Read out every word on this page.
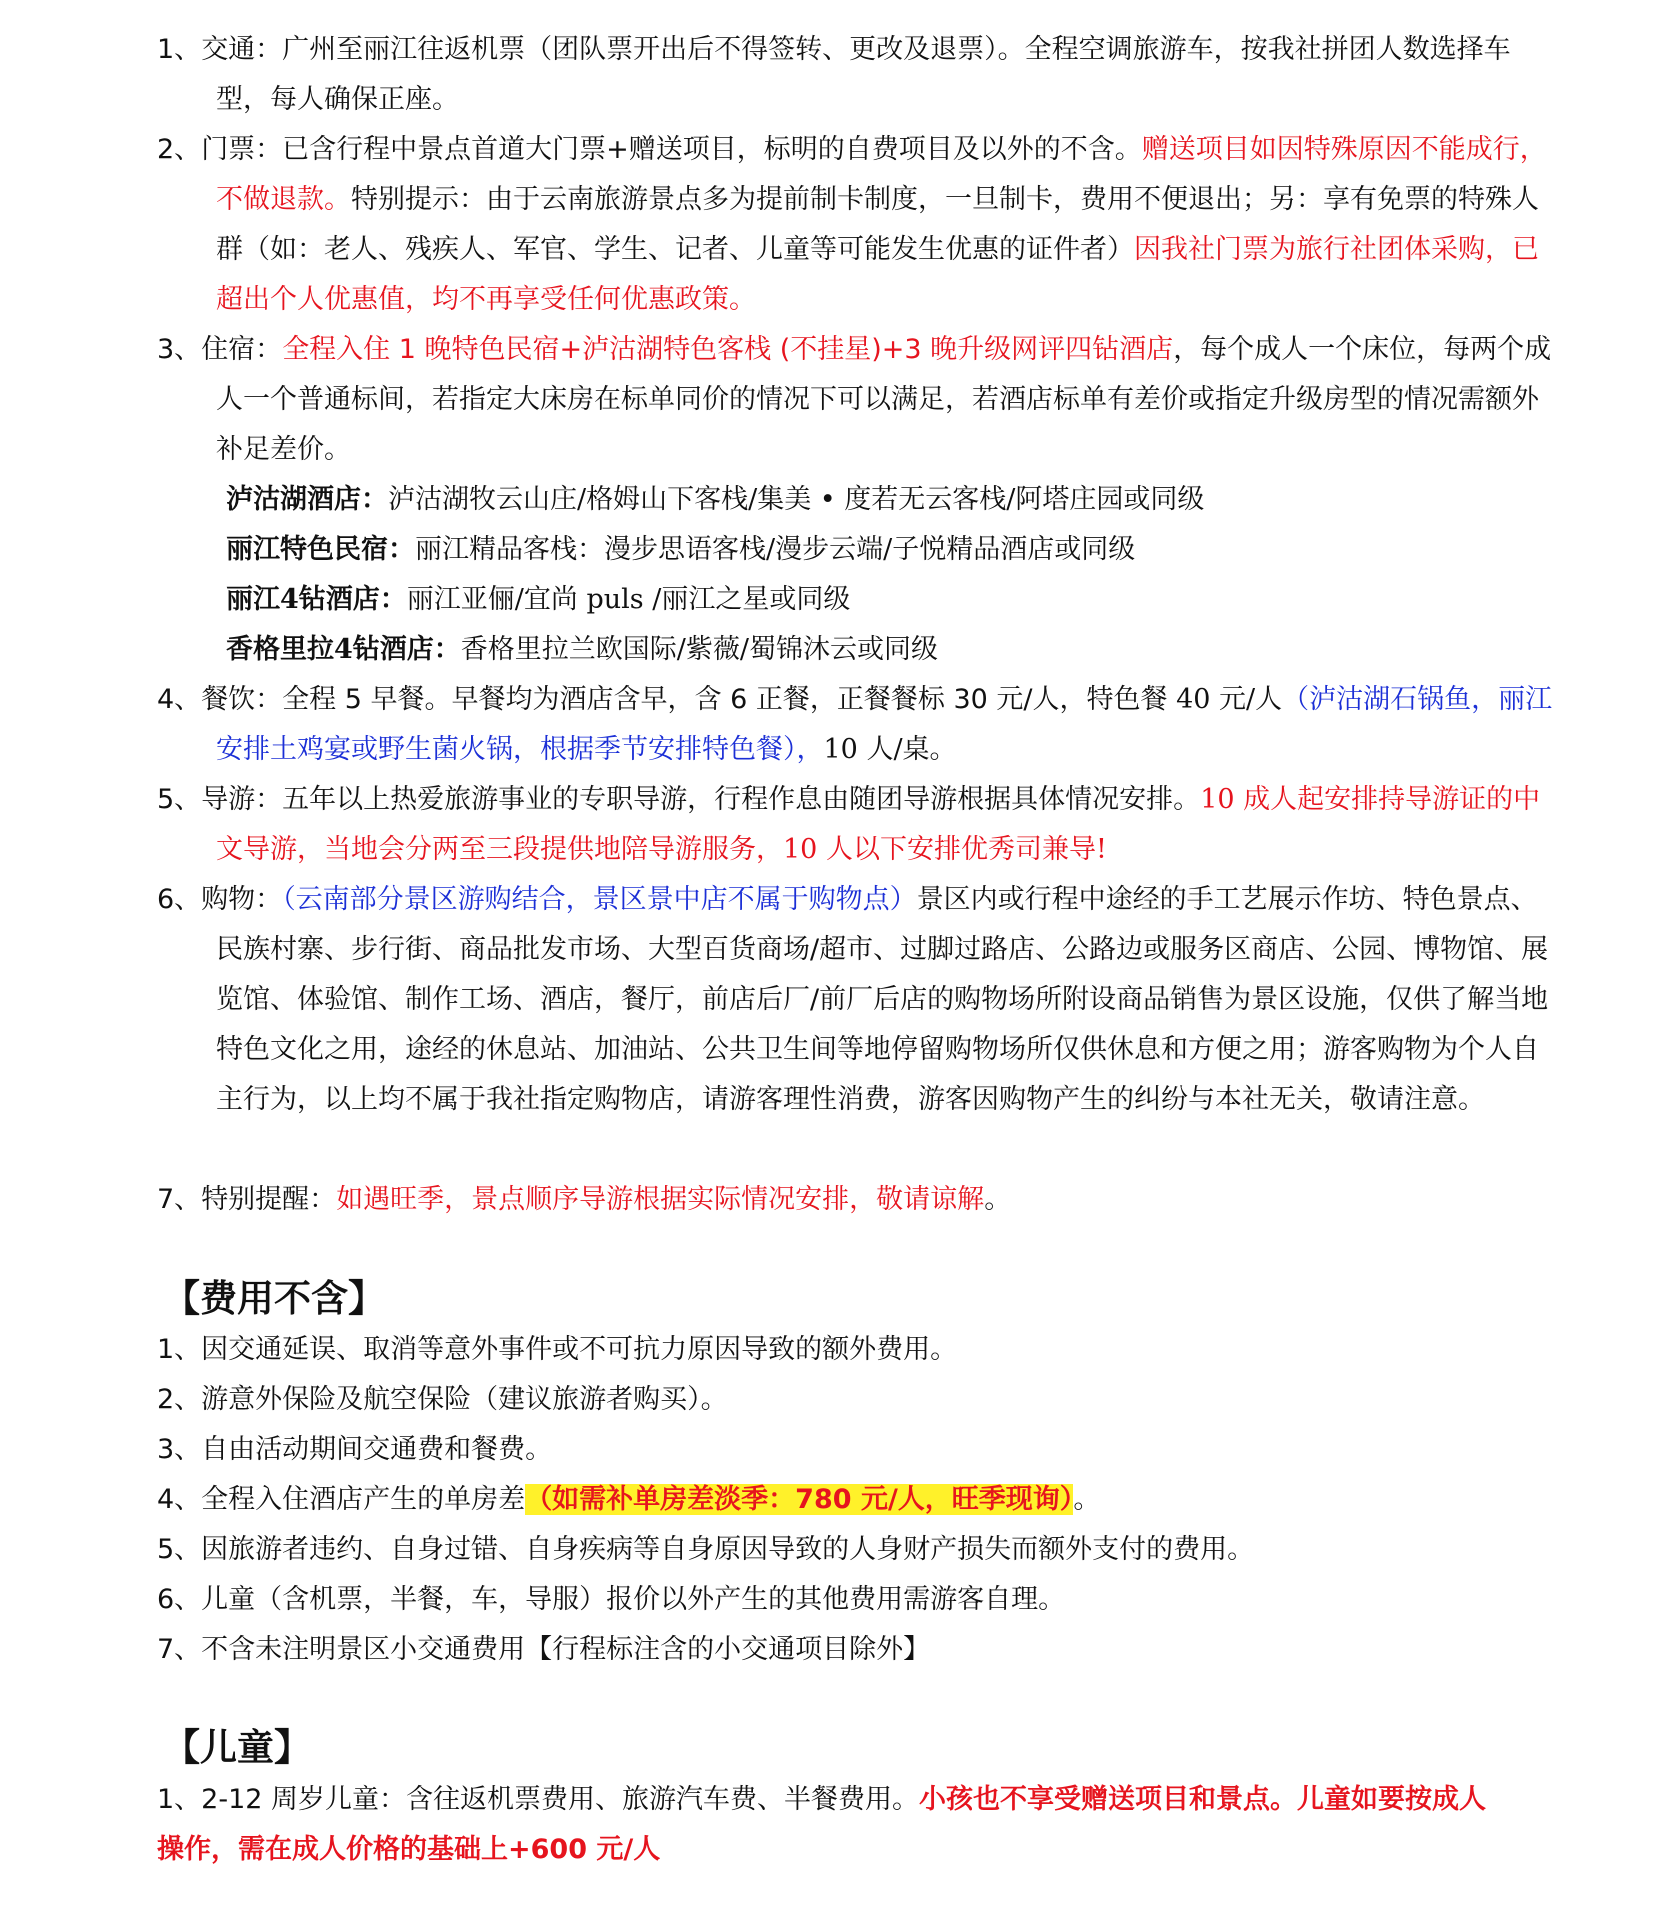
1、交通：广州至丽江往返机票（团队票开出后不得签转、更改及退票）。全程空调旅游车，按我社拼团人数选择车型，每人确保正座。

2、门票：已含行程中景点首道大门票+赠送项目，标明的自费项目及以外的不含。赠送项目如因特殊原因不能成行，不做退款。特别提示：由于云南旅游景点多为提前制卡制度，一旦制卡，费用不便退出；另：享有免票的特殊人群（如：老人、残疾人、军官、学生、记者、儿童等可能发生优惠的证件者）因我社门票为旅行社团体采购，已超出个人优惠值，均不再享受任何优惠政策。

3、住宿：全程入住 1 晚特色民宿+泸沽湖特色客栈 (不挂星)+3 晚升级网评四钻酒店，每个成人一个床位，每两个成人一个普通标间，若指定大床房在标单同价的情况下可以满足，若酒店标单有差价或指定升级房型的情况需额外补足差价。

泸沽湖酒店：泸沽湖牧云山庄/格姆山下客栈/集美 • 度若无云客栈/阿塔庄园或同级

丽江特色民宿：丽江精品客栈：漫步思语客栈/漫步云端/子悦精品酒店或同级

丽江4钻酒店：丽江亚俪/宜尚 puls /丽江之星或同级

香格里拉4钻酒店：香格里拉兰欧国际/紫薇/蜀锦沐云或同级

4、餐饮：全程 5 早餐。早餐均为酒店含早，含 6 正餐，正餐餐标 30 元/人，特色餐 40 元/人（泸沽湖石锅鱼，丽江安排土鸡宴或野生菌火锅，根据季节安排特色餐），10 人/桌。

5、导游：五年以上热爱旅游事业的专职导游，行程作息由随团导游根据具体情况安排。10 成人起安排持导游证的中文导游，当地会分两至三段提供地陪导游服务，10 人以下安排优秀司兼导!

6、购物：（云南部分景区游购结合，景区景中店不属于购物点）景区内或行程中途经的手工艺展示作坊、特色景点、民族村寨、步行街、商品批发市场、大型百货商场/超市、过脚过路店、公路边或服务区商店、公园、博物馆、展览馆、体验馆、制作工场、酒店，餐厅，前店后厂/前厂后店的购物场所附设商品销售为景区设施，仅供了解当地特色文化之用，途经的休息站、加油站、公共卫生间等地停留购物场所仅供休息和方便之用；游客购物为个人自主行为，以上均不属于我社指定购物店，请游客理性消费，游客因购物产生的纠纷与本社无关，敬请注意。

7、特别提醒：如遇旺季，景点顺序导游根据实际情况安排，敬请谅解。

【费用不含】

1、因交通延误、取消等意外事件或不可抗力原因导致的额外费用。

2、游意外保险及航空保险（建议旅游者购买）。

3、自由活动期间交通费和餐费。

4、全程入住酒店产生的单房差（如需补单房差淡季：780 元/人，旺季现询）。

5、因旅游者违约、自身过错、自身疾病等自身原因导致的人身财产损失而额外支付的费用。

6、儿童（含机票，半餐，车，导服）报价以外产生的其他费用需游客自理。

7、不含未注明景区小交通费用【行程标注含的小交通项目除外】

【儿童】

1、2-12 周岁儿童：含往返机票费用、旅游汽车费、半餐费用。小孩也不享受赠送项目和景点。儿童如要按成人操作，需在成人价格的基础上+600 元/人
